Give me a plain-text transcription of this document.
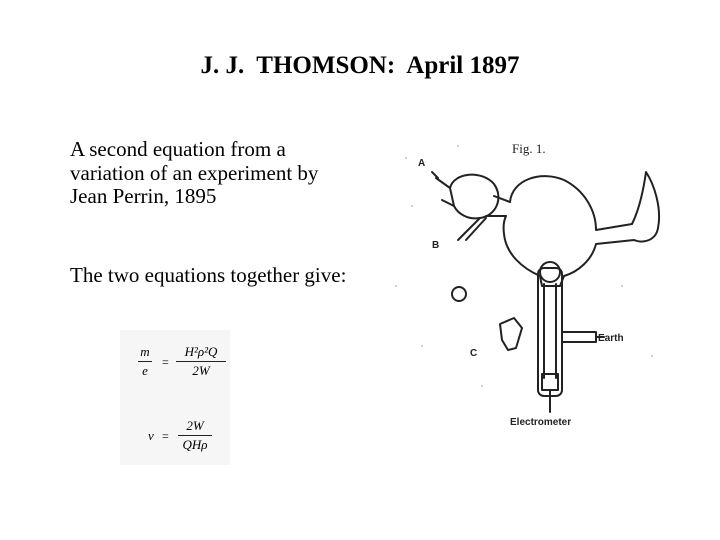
J. J.  THOMSON:  April 1897
A second equation from a variation of an experiment by Jean Perrin, 1895
The two equations together give:
m
e
=
H²ρ²Q
2W
v =
2W
QHρ
Fig. 1.
A
B
C
Earth
Electrometer
